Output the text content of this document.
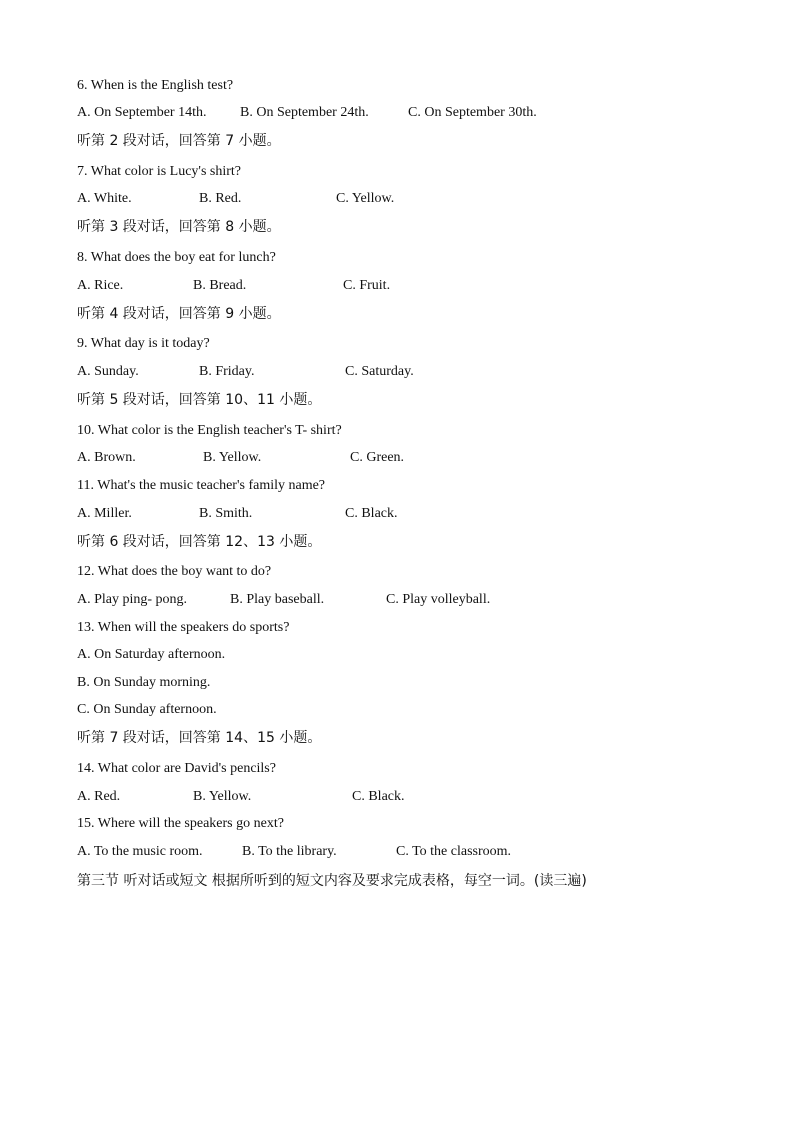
6. When is the English test?
A. On September 14th. B. On September 24th.	C. On September 30th.
听第 2 段对话，回答第 7 小题。
7. What color is Lucy's shirt?
A. White.	B. Red.	C. Yellow.
听第 3 段对话，回答第 8 小题。
8. What does the boy eat for lunch?
A. Rice.	B. Bread.	C. Fruit.
听第 4 段对话，回答第 9 小题。
9. What day is it today?
A. Sunday.	B. Friday.	C. Saturday.
听第 5 段对话，回答第 10、11 小题。
10. What color is the English teacher's T- shirt?
A. Brown.	B. Yellow.	C. Green.
11. What's the music teacher's family name?
A. Miller.	B. Smith.	C. Black.
听第 6 段对话，回答第 12、13 小题。
12. What does the boy want to do?
A. Play ping- pong.	B. Play baseball.	C. Play volleyball.
13. When will the speakers do sports?
A. On Saturday afternoon.
B. On Sunday morning.
C. On Sunday afternoon.
听第 7 段对话，回答第 14、15 小题。
14. What color are David's pencils?
A. Red.	B. Yellow.	C. Black.
15. Where will the speakers go next?
A. To the music room.	B. To the library.	C. To the classroom.
第三节 听对话或短文 根据所听到的短文内容及要求完成表格，每空一词。(读三遍)
